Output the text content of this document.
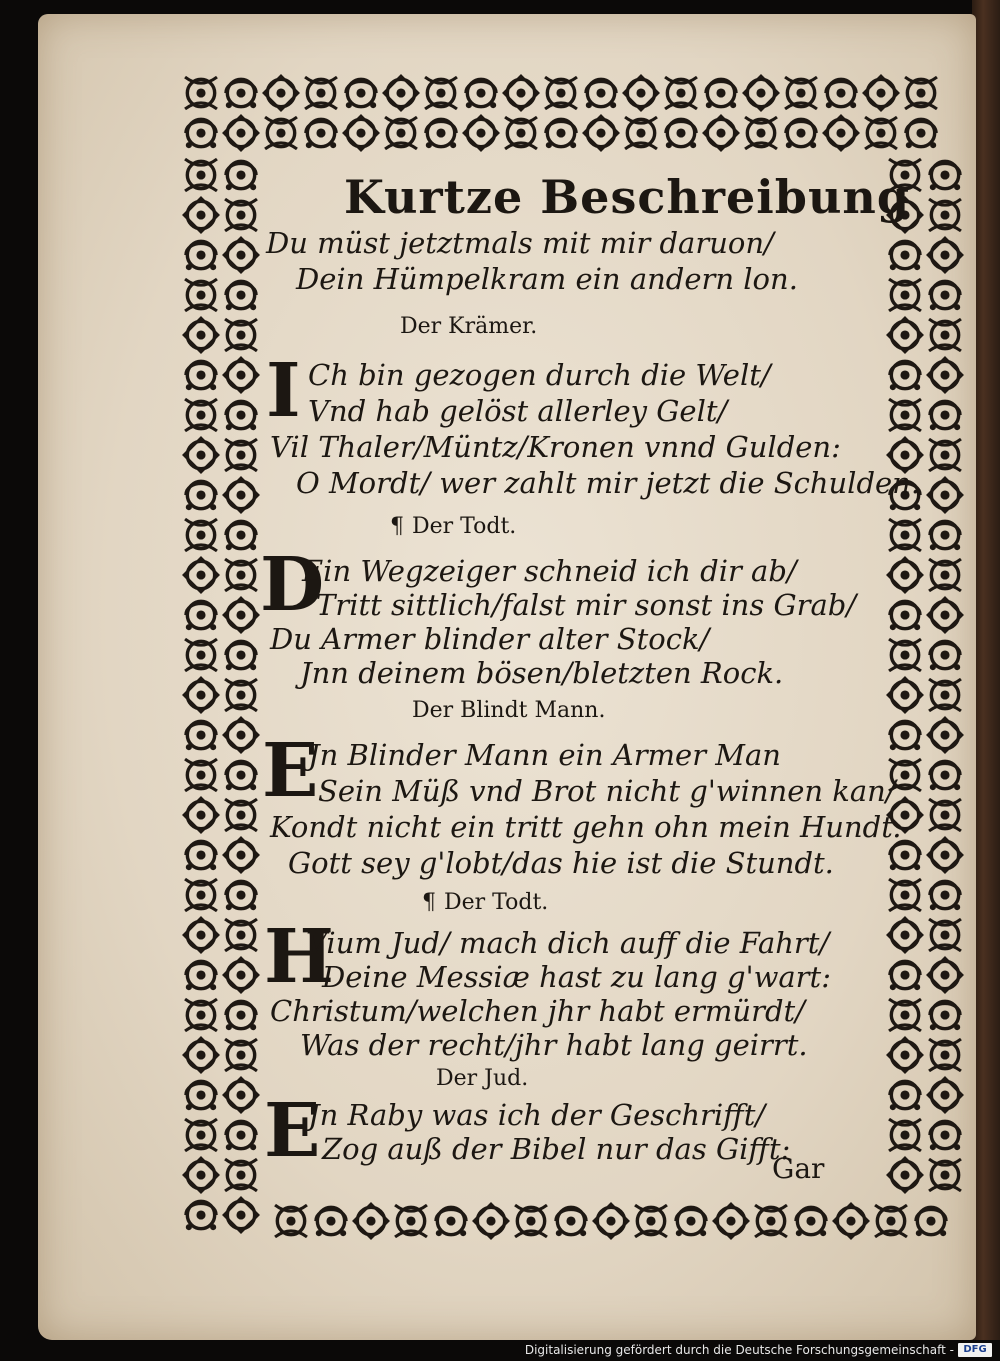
Kurtze Beschreibung
Du müst jetztmals mit mir daruon/
Dein Hümpelkram ein andern lon.
Der Krämer.
I Ch bin gezogen durch die Welt/
Vnd hab gelöst allerley Gelt/
Vil Thaler/Müntz/Kronen vnnd Gulden:
O Mordt/ wer zahlt mir jetzt die Schulden.
¶ Der Todt.
D
Ein Wegzeiger schneid ich dir ab/
Tritt sittlich/falst mir sonst ins Grab/
Du Armer blinder alter Stock/
Jnn deinem bösen/bletzten Rock.
Der Blindt Mann.
E
Jn Blinder Mann ein Armer Man
Sein Müß vnd Brot nicht g'winnen kan/
Kondt nicht ein tritt gehn ohn mein Hundt:
Gott sey g'lobt/das hie ist die Stundt.
¶ Der Todt.
H
Vium Jud/ mach dich auff die Fahrt/
Deine Messiæ hast zu lang g'wart:
Christum/welchen jhr habt ermürdt/
Was der recht/jhr habt lang geirrt.
Der Jud.
E
Jn Raby was ich der Geschrifft/
Zog auß der Bibel nur das Gifft:
Gar
Digitalisierung gefördert durch die Deutsche Forschungsgemeinschaft - DFG
